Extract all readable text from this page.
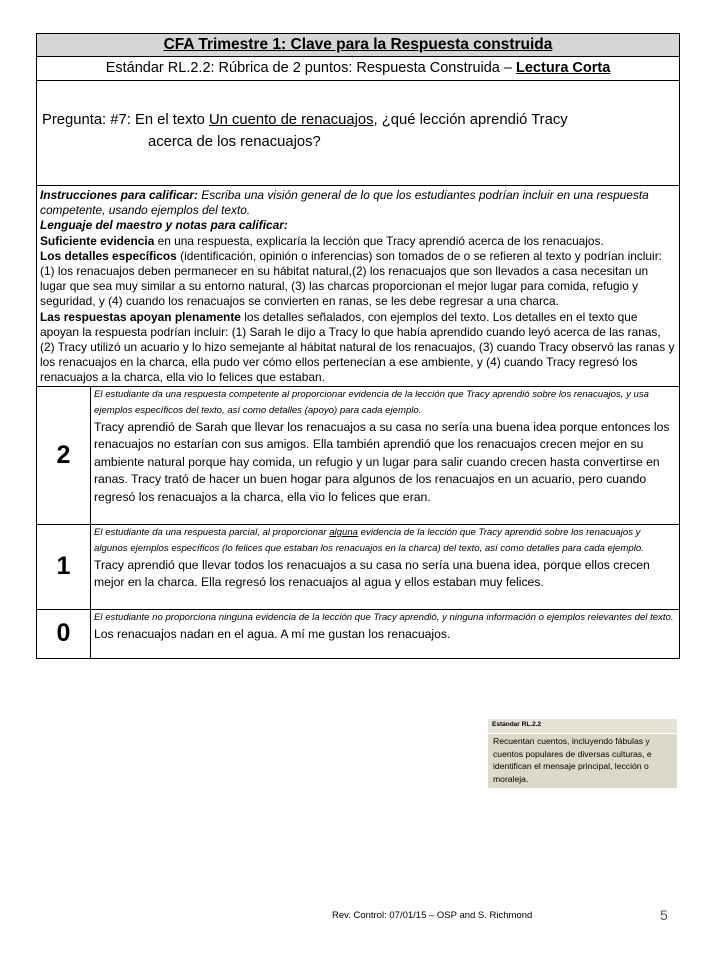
CFA Trimestre 1: Clave para la Respuesta construida	
Estándar RL.2.2: Rúbrica de 2 puntos: Respuesta Construida – Lectura Corta	

Pregunta: #7: En el texto Un cuento de renacuajos, ¿qué lección aprendió Tracy
acerca de los renacuajos?	

Instrucciones para calificar: Escriba una visión general de lo que los estudiantes podrían incluir en una respuesta competente, usando ejemplos del texto.
Lenguaje del maestro y notas para calificar:
Suficiente evidencia en una respuesta, explicaría la lección que Tracy aprendió acerca de los renacuajos.
Los detalles específicos (identificación, opinión o inferencias) son tomados de o se refieren al texto y podrían incluir: (1) los renacuajos deben permanecer en su hábitat natural,(2) los renacuajos que son llevados a casa necesitan un lugar que sea muy similar a su entorno natural, (3) las charcas proporcionan el mejor lugar para comida, refugio y seguridad, y (4) cuando los renacuajos se convierten en ranas, se les debe regresar a una charca.
Las respuestas apoyan plenamente los detalles señalados, con ejemplos del texto. Los detalles en el texto que apoyan la respuesta podrían incluir: (1) Sarah le dijo a Tracy lo que había aprendido cuando leyó acerca de las ranas, (2) Tracy utilizó un acuario y lo hizo semejante al hábitat natural de los renacuajos, (3) cuando Tracy observó las ranas y los renacuajos en la charca, ella pudo ver cómo ellos pertenecían a ese ambiente, y (4) cuando Tracy regresó los renacuajos a la charca, ella vio lo felices que estaban.	
2	El estudiante da una respuesta competente al proporcionar evidencia de la lección que Tracy aprendió sobre los renacuajos, y usa ejemplos específicos del texto, así como detalles (apoyo) para cada ejemplo.
Tracy aprendió de Sarah que llevar los renacuajos a su casa no sería una buena idea porque entonces los renacuajos no estarían con sus amigos. Ella también aprendió que los renacuajos crecen mejor en su ambiente natural porque hay comida, un refugio y un lugar para salir cuando crecen hasta convertirse en ranas. Tracy trató de hacer un buen hogar para algunos de los renacuajos en un acuario, pero cuando regresó los renacuajos a la charca, ella vio lo felices que eran.

1	El estudiante da una respuesta parcial, al proporcionar alguna evidencia de la lección que Tracy aprendió sobre los renacuajos y algunos ejemplos específicos (lo felices que estaban los renacuajos en la charca) del texto, así como detalles para cada ejemplo.
Tracy aprendió que llevar todos los renacuajos a su casa no sería una buena idea, porque ellos crecen mejor en la charca. Ella regresó los renacuajos al agua y ellos estaban muy felices.

0	El estudiante no proporciona ninguna evidencia de la lección que Tracy aprendió, y ninguna información o ejemplos relevantes del texto.
Los renacuajos nadan en el agua. A mí me gustan los renacuajos.
Estándar RL.2.2
Recuentan cuentos, incluyendo fábulas y cuentos populares de diversas culturas, e identifican el mensaje principal, lección o moraleja.
Rev. Control: 07/01/15 – OSP and S. Richmond	5
